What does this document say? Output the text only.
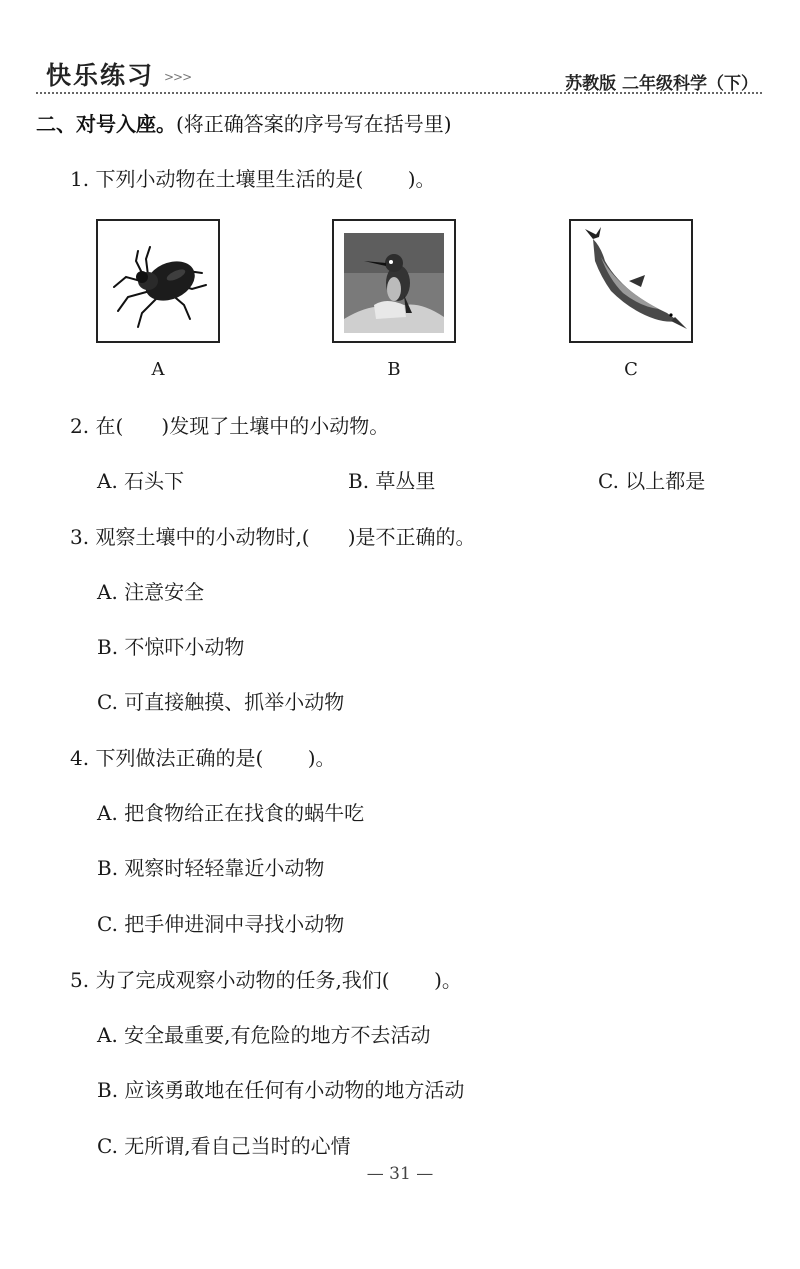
快乐练习 >>>	苏教版 二年级科学（下）
二、对号入座。(将正确答案的序号写在括号里)
1. 下列小动物在土壤里生活的是(       )。
A	B	C
2. 在(      )发现了土壤中的小动物。
A. 石头下	B. 草丛里	C. 以上都是
3. 观察土壤中的小动物时,(      )是不正确的。
A. 注意安全
B. 不惊吓小动物
C. 可直接触摸、抓举小动物
4. 下列做法正确的是(       )。
A. 把食物给正在找食的蜗牛吃
B. 观察时轻轻靠近小动物
C. 把手伸进洞中寻找小动物
5. 为了完成观察小动物的任务,我们(       )。
A. 安全最重要,有危险的地方不去活动
B. 应该勇敢地在任何有小动物的地方活动
C. 无所谓,看自己当时的心情
— 31 —
